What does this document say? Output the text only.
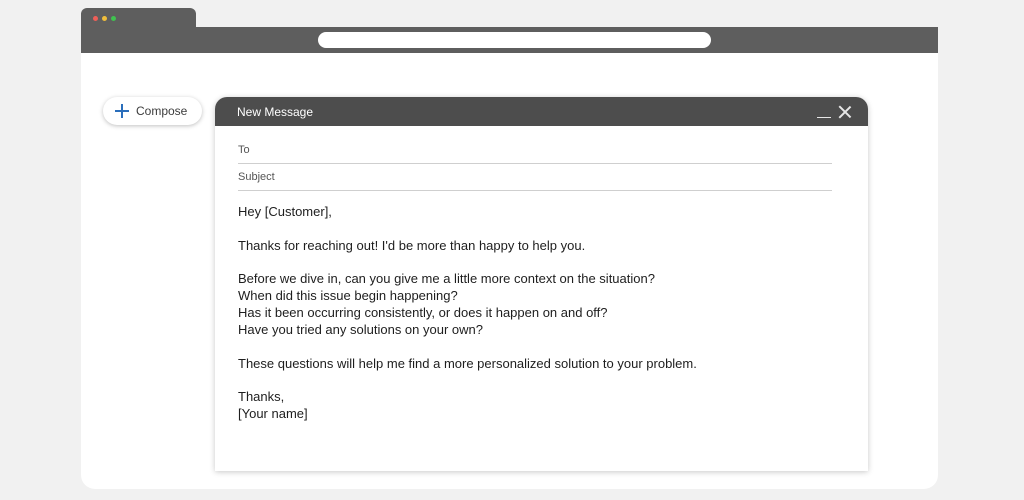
Compose	New Message
To
Subject
Hey [Customer],
Thanks for reaching out! I'd be more than happy to help you.
Before we dive in, can you give me a little more context on the situation?
When did this issue begin happening?
Has it been occurring consistently, or does it happen on and off?
Have you tried any solutions on your own?
These questions will help me find a more personalized solution to your problem.
Thanks,
[Your name]
